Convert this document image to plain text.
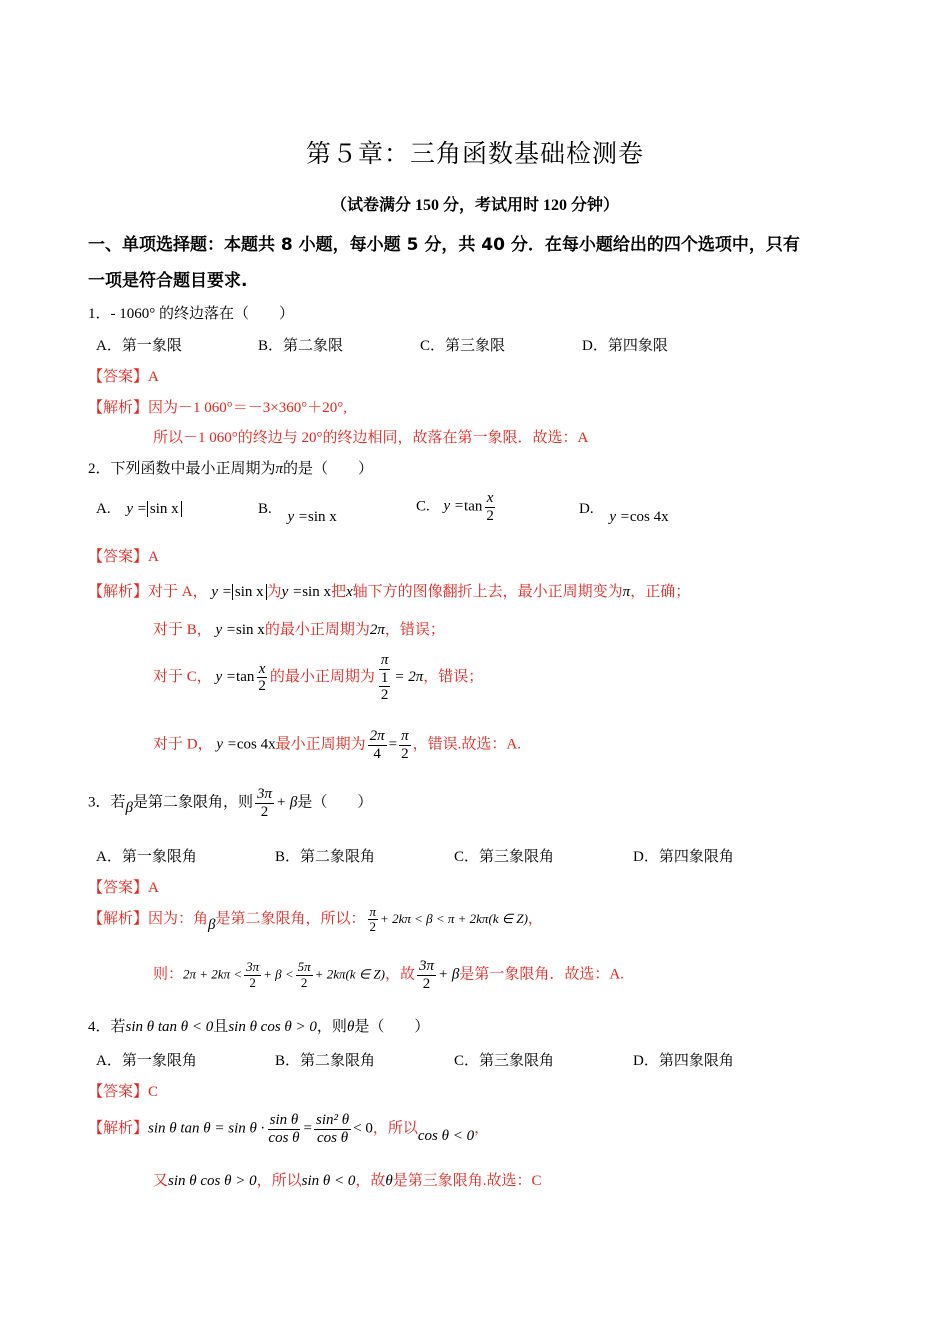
第５章：三角函数基础检测卷
（试卷满分 150 分，考试用时 120 分钟）
一、单项选择题：本题共 8 小题，每小题 5 分，共 40 分．在每小题给出的四个选项中，只有
一项是符合题目要求.
1．- 1060° 的终边落在（　　）
A．第一象限	B．第二象限	C．第三象限	D．第四象限
【答案】A
【解析】因为－1 060°＝－3×360°＋20°,
所以－1 060°的终边与 20°的终边相同，故落在第一象限．故选：A
2．下列函数中最小正周期为π的是（　　）
A. y = sin x	B. y =sin x
C. $y =\tan \frac{x}{2}$	D. y =cos 4x
【答案】A
【解析】对于 A， y = sin x 为y =sin x把x轴下方的图像翻折上去，最小正周期变为π，正确；
对于 B， y =sin x的最小正周期为2π，错误；
对于 C， $y =\tan \frac{x}{2}$ 的最小正周期为 π
1
2 = 2π，错误；
对于 D， y =cos 4x最小正周期为 $\frac{2\pi}{4} = \frac{\pi}{2}$ ，错误.故选：A.
3．若β是第二象限角，则 $\frac{3\pi}{2} + \beta$是（　　）
A．第一象限角	B．第二象限角	C．第三象限角	D．第四象限角
【答案】A
【解析】因为：角β是第二象限角，所以： $\frac{\pi}{2} + 2k\pi < \beta < \pi + 2k\pi(k$ ∈ Z)，
则：$2\pi + 2k\pi < \frac{3\pi}{2} + \beta < \frac{5\pi}{2} + 2k\pi(k$ ∈ Z)，故 $\frac{3\pi}{2} + \beta$是第一象限角．故选：A.
4．若sin θ tan θ < 0且sin θ cos θ > 0，则θ是（　　）
A．第一象限角	B．第二象限角	C．第三象限角	D．第四象限角
【答案】C
【解析】sin θ $\tan \theta = \sin \theta \cdot \frac{\text{sin θ}}{\text{cos θ}} = \frac{\text{sin² θ}}{\text{cos θ}} < 0$，所以cos θ < 0，
又sin θ cos θ > 0，所以sin θ < 0，故θ是第三象限角.故选：C
